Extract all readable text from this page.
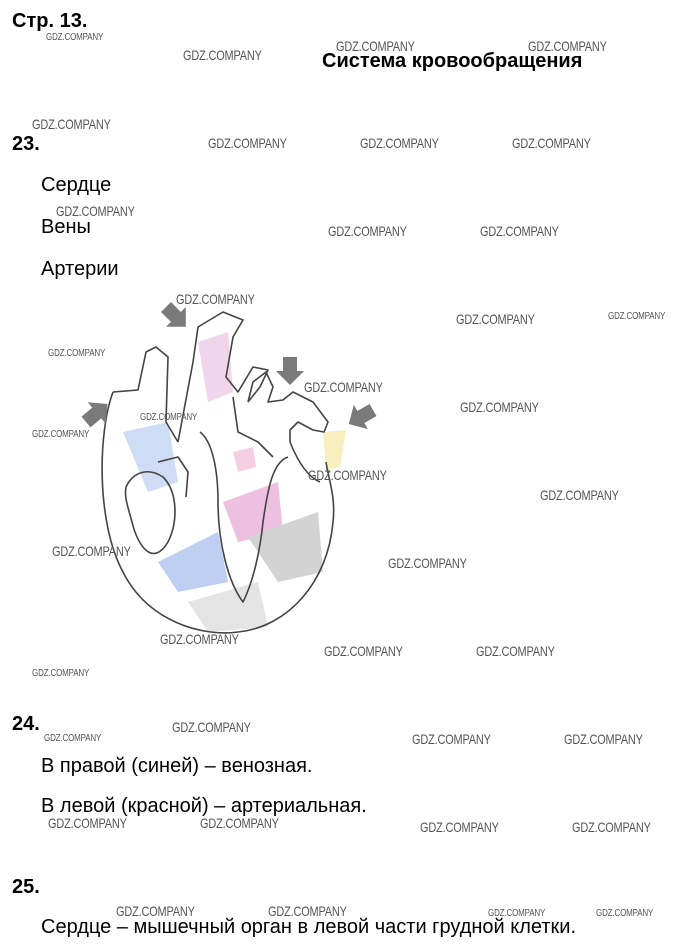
Стр. 13.
Система кровообращения
23.
Сердце
Вены
Артерии
24.
В правой (синей) – венозная.
В левой (красной) – артериальная.
25.
Сердце – мышечный орган в левой части грудной клетки.
GDZ.COMPANY
GDZ.COMPANY
GDZ.COMPANY	GDZ.COMPANY
GDZ.COMPANY
GDZ.COMPANY	GDZ.COMPANY	GDZ.COMPANY
GDZ.COMPANY
GDZ.COMPANY	GDZ.COMPANY
GDZ.COMPANY
GDZ.COMPANY	GDZ.COMPANY
GDZ.COMPANY
GDZ.COMPANY
GDZ.COMPANY
GDZ.COMPANY
GDZ.COMPANY
GDZ.COMPANY
GDZ.COMPANY
GDZ.COMPANY
GDZ.COMPANY
GDZ.COMPANY
GDZ.COMPANY	GDZ.COMPANY
GDZ.COMPANY
GDZ.COMPANY
GDZ.COMPANY	GDZ.COMPANY	GDZ.COMPANY
GDZ.COMPANY	GDZ.COMPANY	GDZ.COMPANY	GDZ.COMPANY
GDZ.COMPANY	GDZ.COMPANY	GDZ.COMPANY	GDZ.COMPANY
